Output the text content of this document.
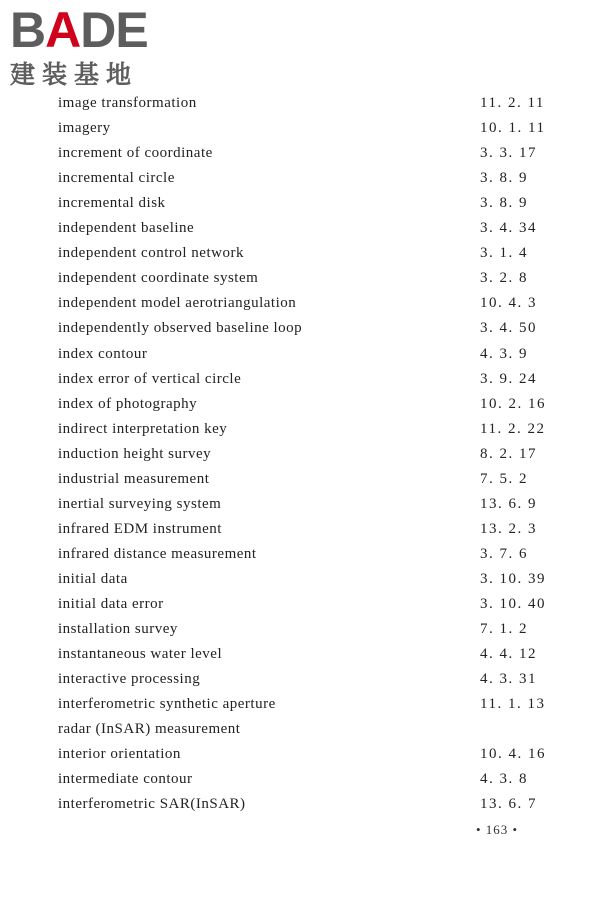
BADE
建装基地
image transformation	11. 2. 11
imagery	10. 1. 11
increment of coordinate	3. 3. 17
incremental circle	3. 8. 9
incremental disk	3. 8. 9
independent baseline	3. 4. 34
independent control network	3. 1. 4
independent coordinate system	3. 2. 8
independent model aerotriangulation	10. 4. 3
independently observed baseline loop	3. 4. 50
index contour	4. 3. 9
index error of vertical circle	3. 9. 24
index of photography	10. 2. 16
indirect interpretation key	11. 2. 22
induction height survey	8. 2. 17
industrial measurement	7. 5. 2
inertial surveying system	13. 6. 9
infrared EDM instrument	13. 2. 3
infrared distance measurement	3. 7. 6
initial data	3. 10. 39
initial data error	3. 10. 40
installation survey	7. 1. 2
instantaneous water level	4. 4. 12
interactive processing	4. 3. 31
interferometric synthetic aperture	11. 1. 13
radar (InSAR) measurement
interior orientation	10. 4. 16
intermediate contour	4. 3. 8
interferometric SAR(InSAR)	13. 6. 7
• 163 •
